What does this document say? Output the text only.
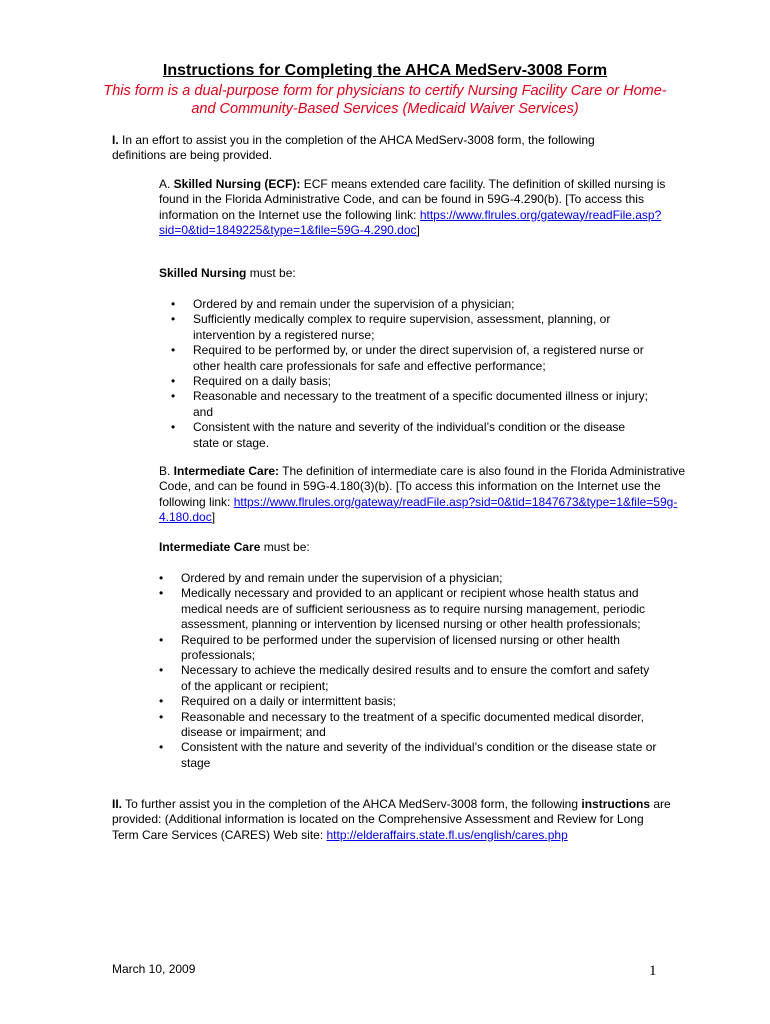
Instructions for Completing the AHCA MedServ-3008 Form

This form is a dual-purpose form for physicians to certify Nursing Facility Care or Home- and Community-Based Services (Medicaid Waiver Services)

I. In an effort to assist you in the completion of the AHCA MedServ-3008 form, the following definitions are being provided.

A. Skilled Nursing (ECF): ECF means extended care facility. The definition of skilled nursing is found in the Florida Administrative Code, and can be found in 59G-4.290(b). [To access this information on the Internet use the following link: https://www.flrules.org/gateway/readFile.asp?sid=0&tid=1849225&type=1&file=59G-4.290.doc]

Skilled Nursing must be:

• Ordered by and remain under the supervision of a physician;
• Sufficiently medically complex to require supervision, assessment, planning, or intervention by a registered nurse;
• Required to be performed by, or under the direct supervision of, a registered nurse or other health care professionals for safe and effective performance;
• Required on a daily basis;
• Reasonable and necessary to the treatment of a specific documented illness or injury; and
• Consistent with the nature and severity of the individual’s condition or the disease state or stage.

B. Intermediate Care: The definition of intermediate care is also found in the Florida Administrative Code, and can be found in 59G-4.180(3)(b). [To access this information on the Internet use the following link: https://www.flrules.org/gateway/readFile.asp?sid=0&tid=1847673&type=1&file=59g-4.180.doc]

Intermediate Care must be:

• Ordered by and remain under the supervision of a physician;
• Medically necessary and provided to an applicant or recipient whose health status and medical needs are of sufficient seriousness as to require nursing management, periodic assessment, planning or intervention by licensed nursing or other health professionals;
• Required to be performed under the supervision of licensed nursing or other health professionals;
• Necessary to achieve the medically desired results and to ensure the comfort and safety of the applicant or recipient;
• Required on a daily or intermittent basis;
• Reasonable and necessary to the treatment of a specific documented medical disorder, disease or impairment; and
• Consistent with the nature and severity of the individual’s condition or the disease state or stage

II. To further assist you in the completion of the AHCA MedServ-3008 form, the following instructions are provided: (Additional information is located on the Comprehensive Assessment and Review for Long Term Care Services (CARES) Web site: http://elderaffairs.state.fl.us/english/cares.php

March 10, 2009	1
